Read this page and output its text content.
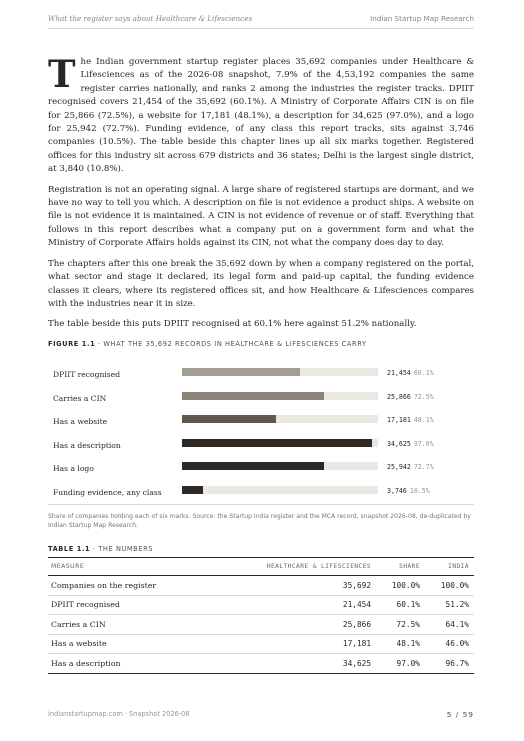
What the register says about Healthcare & Lifesciences	Indian Startup Map Research

The Indian government startup register places 35,692 companies under Healthcare & Lifesciences as of the 2026-08 snapshot, 7.9% of the 4,53,192 companies the same register carries nationally, and ranks 2 among the industries the register tracks. DPIIT recognised covers 21,454 of the 35,692 (60.1%). A Ministry of Corporate Affairs CIN is on file for 25,866 (72.5%), a website for 17,181 (48.1%), a description for 34,625 (97.0%), and a logo for 25,942 (72.7%). Funding evidence, of any class this report tracks, sits against 3,746 companies (10.5%). The table beside this chapter lines up all six marks together. Registered offices for this industry sit across 679 districts and 36 states; Delhi is the largest single district, at 3,840 (10.8%).

Registration is not an operating signal. A large share of registered startups are dormant, and we have no way to tell you which. A description on file is not evidence a product ships. A website on file is not evidence it is maintained. A CIN is not evidence of revenue or of staff. Everything that follows in this report describes what a company put on a government form and what the Ministry of Corporate Affairs holds against its CIN, not what the company does day to day.

The chapters after this one break the 35,692 down by when a company registered on the portal, what sector and stage it declared, its legal form and paid-up capital, the funding evidence classes it clears, where its registered offices sit, and how Healthcare & Lifesciences compares with the industries near it in size.

The table beside this puts DPIIT recognised at 60.1% here against 51.2% nationally.

FIGURE 1.1 · WHAT THE 35,692 RECORDS IN HEALTHCARE & LIFESCIENCES CARRY
DPIIT recognised	21,454 60.1%
Carries a CIN	25,866 72.5%
Has a website	17,181 48.1%
Has a description	34,625 97.0%
Has a logo	25,942 72.7%
Funding evidence, any class	3,746 10.5%
Share of companies holding each of six marks. Source: the Startup India register and the MCA record, snapshot 2026-08, de-duplicated by Indian Startup Map Research.
TABLE 1.1 · THE NUMBERS
MEASURE	HEALTHCARE & LIFESCIENCES	SHARE	INDIA
Companies on the register	35,692	100.0%	100.0%
DPIIT recognised	21,454	60.1%	51.2%
Carries a CIN	25,866	72.5%	64.1%
Has a website	17,181	48.1%	46.0%
Has a description	34,625	97.0%	96.7%
indianstartupmap.com · Snapshot 2026-08	5 / 59
